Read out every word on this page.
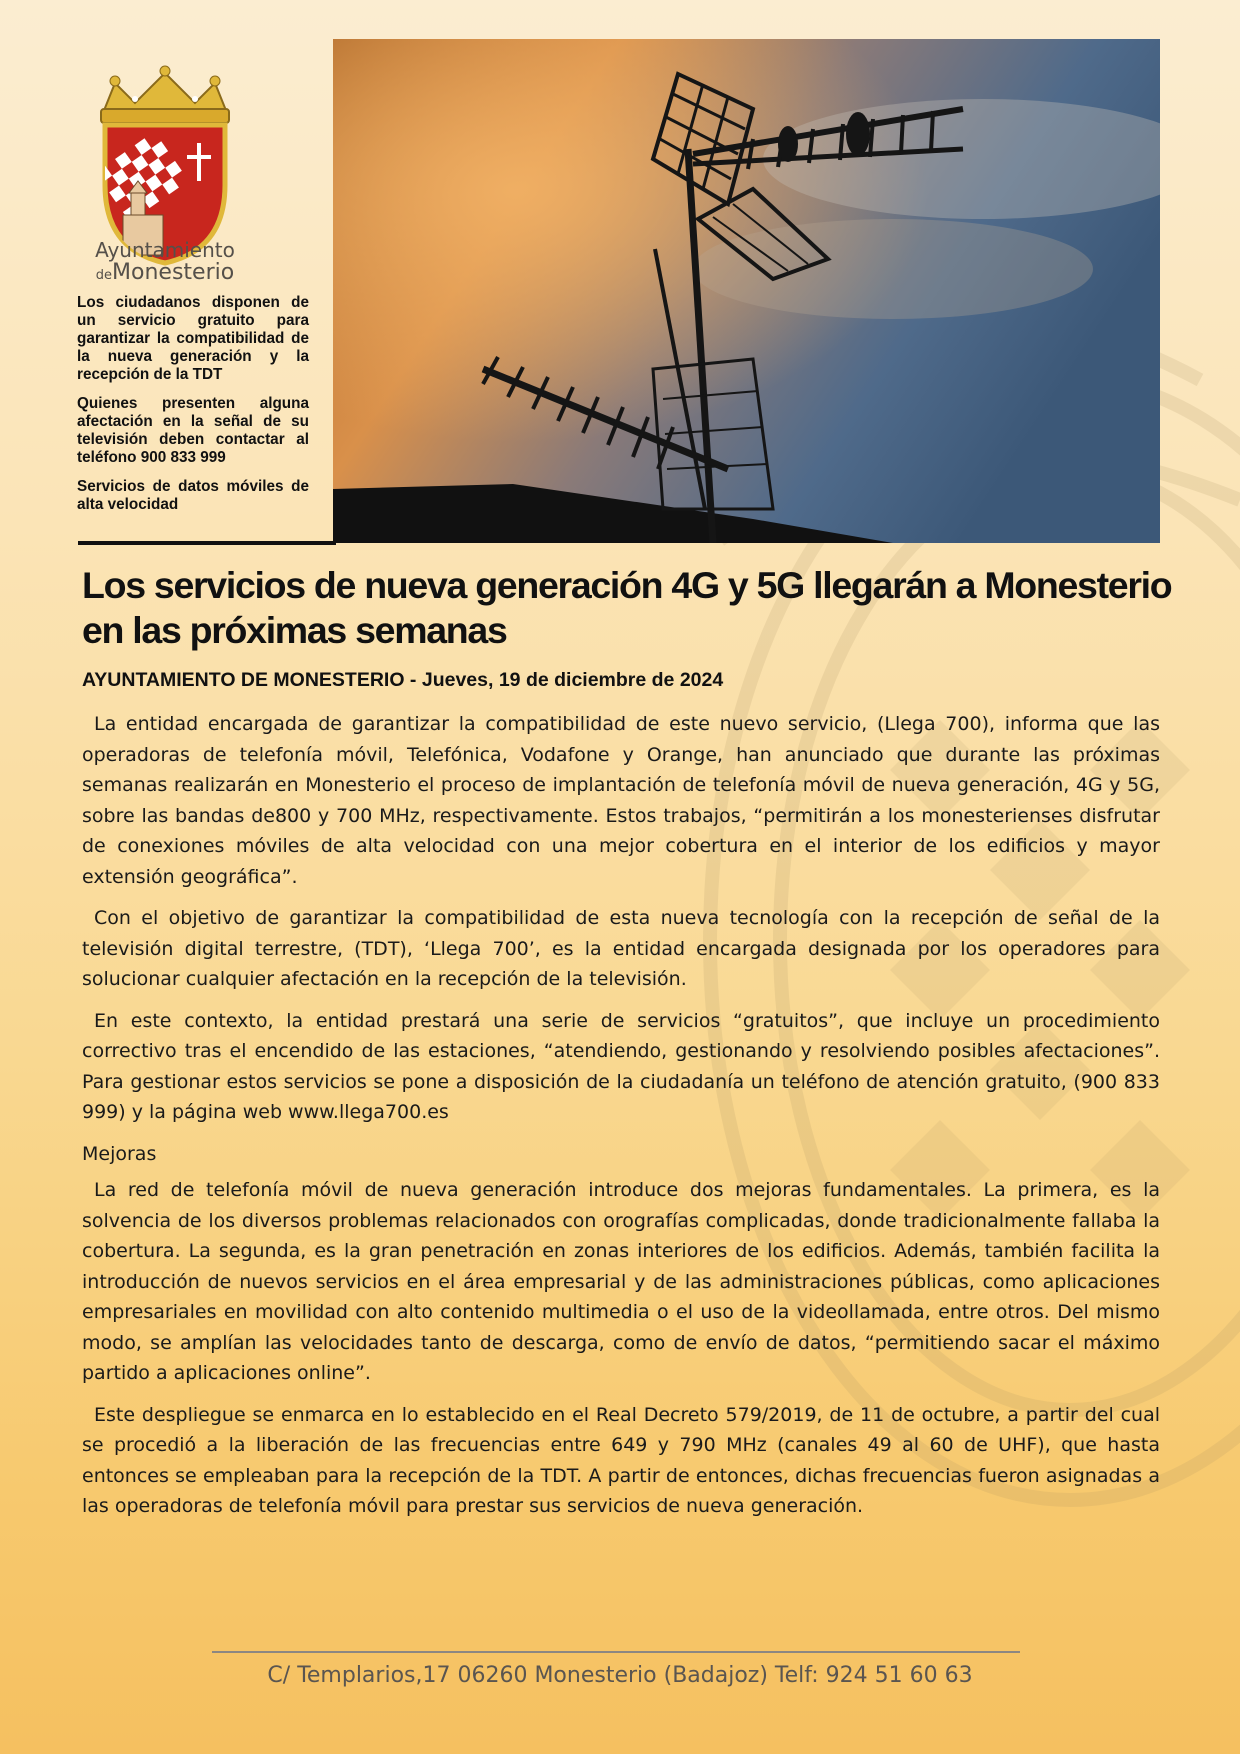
Ayuntamiento
deMonesterio

Los ciudadanos disponen de un servicio gratuito para garantizar la compatibilidad de la nueva generación y la recepción de la TDT

Quienes presenten alguna afectación en la señal de su televisión deben contactar al teléfono 900 833 999

Servicios de datos móviles de alta velocidad

Los servicios de nueva generación 4G y 5G llegarán a Monesterio en las próximas semanas

AYUNTAMIENTO DE MONESTERIO - Jueves, 19 de diciembre de 2024

La entidad encargada de garantizar la compatibilidad de este nuevo servicio, (Llega 700), informa que las operadoras de telefonía móvil, Telefónica, Vodafone y Orange, han anunciado que durante las próximas semanas realizarán en Monesterio el proceso de implantación de telefonía móvil de nueva generación, 4G y 5G, sobre las bandas de800 y 700 MHz, respectivamente. Estos trabajos, “permitirán a los monesterienses disfrutar de conexiones móviles de alta velocidad con una mejor cobertura en el interior de los edificios y mayor extensión geográfica”.

Con el objetivo de garantizar la compatibilidad de esta nueva tecnología con la recepción de señal de la televisión digital terrestre, (TDT), ‘Llega 700’, es la entidad encargada designada por los operadores para solucionar cualquier afectación en la recepción de la televisión.

En este contexto, la entidad prestará una serie de servicios “gratuitos”, que incluye un procedimiento correctivo tras el encendido de las estaciones, “atendiendo, gestionando y resolviendo posibles afectaciones”. Para gestionar estos servicios se pone a disposición de la ciudadanía un teléfono de atención gratuito, (900 833 999) y la página web www.llega700.es

Mejoras

La red de telefonía móvil de nueva generación introduce dos mejoras fundamentales. La primera, es la solvencia de los diversos problemas relacionados con orografías complicadas, donde tradicionalmente fallaba la cobertura. La segunda, es la gran penetración en zonas interiores de los edificios. Además, también facilita la introducción de nuevos servicios en el área empresarial y de las administraciones públicas, como aplicaciones empresariales en movilidad con alto contenido multimedia o el uso de la videollamada, entre otros. Del mismo modo, se amplían las velocidades tanto de descarga, como de envío de datos, “permitiendo sacar el máximo partido a aplicaciones online”.

Este despliegue se enmarca en lo establecido en el Real Decreto 579/2019, de 11 de octubre, a partir del cual se procedió a la liberación de las frecuencias entre 649 y 790 MHz (canales 49 al 60 de UHF), que hasta entonces se empleaban para la recepción de la TDT. A partir de entonces, dichas frecuencias fueron asignadas a las operadoras de telefonía móvil para prestar sus servicios de nueva generación.

C/ Templarios,17 06260 Monesterio (Badajoz) Telf: 924 51 60 63
